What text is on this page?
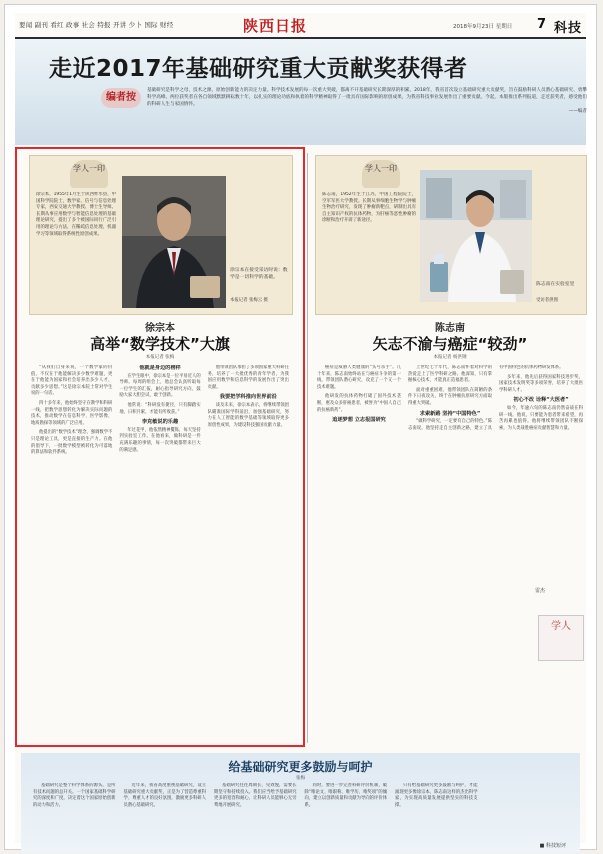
要闻 副刊 看红 政事 社会 特报 开讲 少卜 国际 财经	陕西日报	2018年9月23日 星期日 7 科技
走近2017年基础研究重大贡献奖获得者
编者按
基础研究是科学之母，技术之源，原始创新能力的决定力量。科学技术发展的每一次重大突破，都离不开基础研究长期深厚的积累。2018年，我省首次设立基础研究重大贡献奖，旨在鼓励科研人员潜心基础研究、勇攀科学高峰。两位获奖者在各自领域默默耕耘数十年，以扎实的理论功底和执着的科学精神取得了一批具有国际影响的原创成果，为我省科技事业发展作出了重要贡献。今起，本版推出系列报道，走近获奖者，感受他们的科研人生与家国情怀。
——编者
学人一印
徐宗本，1955年1月生于陕西柞水县，中国科学院院士，数学家、信号与信息处理专家，西安交通大学教授、博士生导师。长期从事应用数学与智能信息处理的基础理论研究，提出了多个被国际同行广泛引用的理论与方法，在稀疏信息处理、机器学习等领域取得系统性原创成果。
徐宗本在接受采访时说：数学是一切科学的基础。
本报记者 张梅云 摄
徐宗本
高举“数学技术”大旗
本报记者 张梅

“从我们自身来说，一个数学家的价值，不仅在于他能解决多少数学难题，更在于他能为国家和社会培养出多少人才、贡献多少思想。”这是徐宗本院士常对学生说的一句话。

四十多年来，他始终坚守在教学和科研一线，把数学思想转化为解决实际问题的技术，推动数学在信息科学、医学影像、地质勘探等领域的广泛应用。

他提出的“数学技术”理念，强调数学不只是理论工具，更是直接的生产力。在他的倡导下，一批数学模型被转化为可落地的算法和软件系统。

他就是身边的榜样

在学生眼中，徐宗本是一位平易近人的导师。每周的组会上，他总会认真听取每一位学生的汇报，耐心指导研究方向，鼓励大家大胆尝试、敢于创新。

他常说：“科研没有捷径，只有脚踏实地、日积月累，才能有所收获。”

李克敏说的乐趣

年过花甲，他依然精神矍铄，每天坚持到实验室工作。在他看来，做科研是一件充满乐趣的事情，每一次突破都带来巨大的满足感。

他带领团队承担了多项国家重大科研任务，培养了一大批优秀的青年学者，为我国应用数学和信息科学的发展作出了突出贡献。

我要把学科推向世界前沿

谈及未来，徐宗本表示，将继续带领团队瞄准国际学科前沿，加强基础研究，努力在人工智能的数学基础等领域取得更多原创性成果，为建设科技强国贡献力量。

学人一印
陈志南，1952年生于江苏，中国工程院院士，空军军医大学教授。长期从事细胞生物学与肿瘤生物治疗研究，发现了肿瘤新靶点，研制出具有自主知识产权的抗体药物，为肝癌等恶性肿瘤的诊断和治疗开辟了新途径。
陈志南在实验室里
受访者供图
陈志南
矢志不渝与癌症“较劲”
本报记者 杨洪钢

癌症是威胁人类健康的“头号杀手”。几十年来，陈志南始终站在与癌症斗争的第一线，带领团队潜心研究，攻克了一个又一个技术难题。

他研发的抗体药物打破了国外技术垄断，惠及众多肝癌患者，被誉为“中国人自己的抗癌新药”。

追逐梦想 立志报国研究

上世纪七十年代，陈志南怀着对科学的热爱走上了医学科研之路。他深知，只有掌握核心技术，才能真正造福患者。

面对重重困难，他带领团队在简陋的条件下日夜攻关，终于在肿瘤抗原研究方面取得重大突破。

求索新路 坚持“中国特色”

“做科学研究，一定要有自己的特色。”陈志南说。他坚持走自主创新之路，建立了具有中国特色的抗体药物研发体系。

多年来，他先后获得国家科技进步奖、国家技术发明奖等多项荣誉，培养了大批医学科研人才。

初心不改 诠释“大医者”

如今，年逾六旬的陈志南仍然奋战在科研一线。他说，只要能为患者带来希望，再苦再累也值得。他将继续带领团队不断探索，为人类战胜癌症贡献智慧和力量。

雷杰
学人
给基础研究更多鼓励与呵护
张梅

基础研究是整个科学体系的源头，是所有技术问题的总开关。一个国家基础科学研究的深度和广度，决定着这个国家原始创新的动力和活力。

近年来，我省高度重视基础研究，设立基础研究重大贡献奖，正是为了营造尊重科学、尊重人才的良好氛围，激励更多科研人员潜心基础研究。

基础研究往往周期长、见效慢，需要长期坚守和持续投入。我们应当给予基础研究更多的宽容和耐心，让科研人员能够心无旁骛地开展研究。

同时，要进一步完善科研评价机制，破除“唯论文、唯职称、唯学历、唯奖项”的倾向，建立以创新质量和贡献为导向的评价体系。

只有给基础研究更多鼓励与呵护，才能涌现更多像徐宗本、陈志南这样的杰出科学家，为实现高质量发展提供坚实的科技支撑。

■ 科技短评
